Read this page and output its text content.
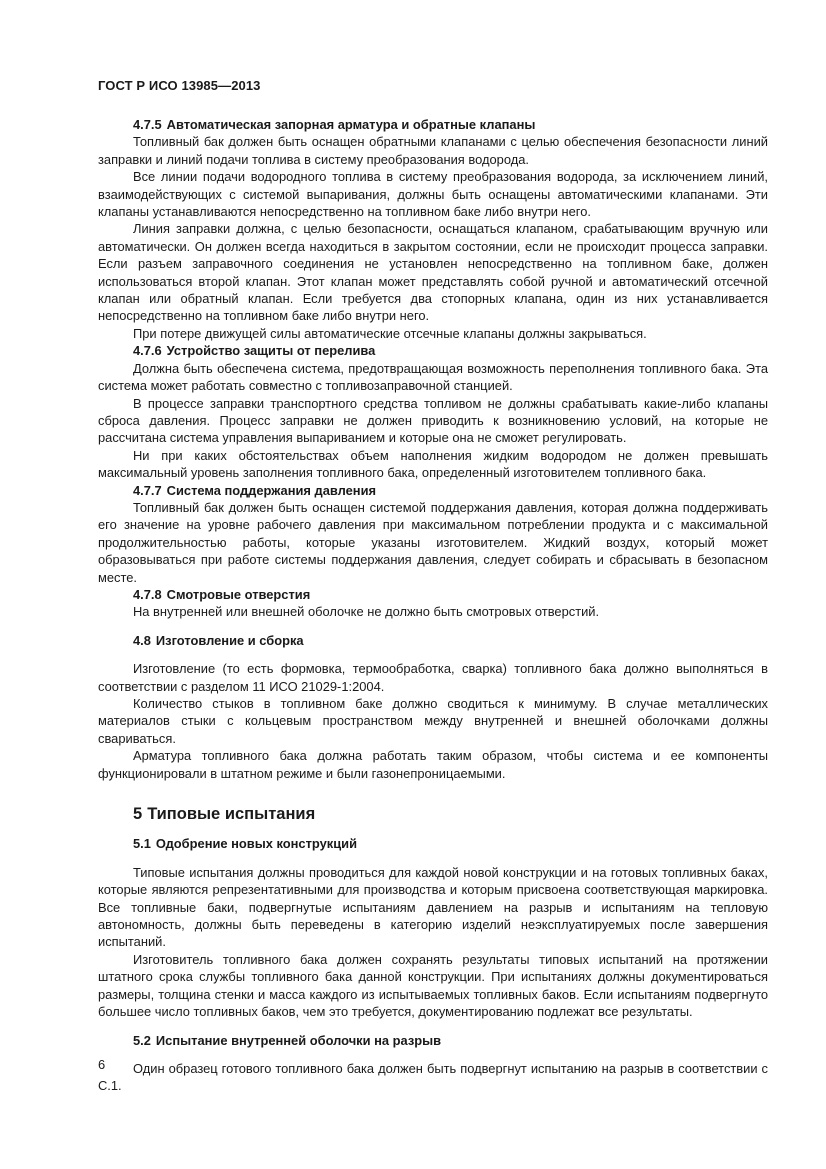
ГОСТ Р ИСО 13985—2013
4.7.5 Автоматическая запорная арматура и обратные клапаны

Топливный бак должен быть оснащен обратными клапанами с целью обеспечения безопасности линий заправки и линий подачи топлива в систему преобразования водорода.

Все линии подачи водородного топлива в систему преобразования водорода, за исключением линий, взаимодействующих с системой выпаривания, должны быть оснащены автоматическими клапанами. Эти клапаны устанавливаются непосредственно на топливном баке либо внутри него.

Линия заправки должна, с целью безопасности, оснащаться клапаном, срабатывающим вручную или автоматически. Он должен всегда находиться в закрытом состоянии, если не происходит процесса заправки. Если разъем заправочного соединения не установлен непосредственно на топливном баке, должен использоваться второй клапан. Этот клапан может представлять собой ручной и автоматический отсечной клапан или обратный клапан. Если требуется два стопорных клапана, один из них устанавливается непосредственно на топливном баке либо внутри него.

При потере движущей силы автоматические отсечные клапаны должны закрываться.

4.7.6 Устройство защиты от перелива

Должна быть обеспечена система, предотвращающая возможность переполнения топливного бака. Эта система может работать совместно с топливозаправочной станцией.

В процессе заправки транспортного средства топливом не должны срабатывать какие-либо клапаны сброса давления. Процесс заправки не должен приводить к возникновению условий, на которые не рассчитана система управления выпариванием и которые она не сможет регулировать.

Ни при каких обстоятельствах объем наполнения жидким водородом не должен превышать максимальный уровень заполнения топливного бака, определенный изготовителем топливного бака.

4.7.7 Система поддержания давления

Топливный бак должен быть оснащен системой поддержания давления, которая должна поддерживать его значение на уровне рабочего давления при максимальном потреблении продукта и с максимальной продолжительностью работы, которые указаны изготовителем. Жидкий воздух, который может образовываться при работе системы поддержания давления, следует собирать и сбрасывать в безопасном месте.

4.7.8 Смотровые отверстия

На внутренней или внешней оболочке не должно быть смотровых отверстий.

4.8 Изготовление и сборка

Изготовление (то есть формовка, термообработка, сварка) топливного бака должно выполняться в соответствии с разделом 11 ИСО 21029-1:2004.

Количество стыков в топливном баке должно сводиться к минимуму. В случае металлических материалов стыки с кольцевым пространством между внутренней и внешней оболочками должны свариваться.

Арматура топливного бака должна работать таким образом, чтобы система и ее компоненты функционировали в штатном режиме и были газонепроницаемыми.

5 Типовые испытания
5.1 Одобрение новых конструкций

Типовые испытания должны проводиться для каждой новой конструкции и на готовых топливных баках, которые являются репрезентативными для производства и которым присвоена соответствующая маркировка. Все топливные баки, подвергнутые испытаниям давлением на разрыв и испытаниям на тепловую автономность, должны быть переведены в категорию изделий неэксплуатируемых после завершения испытаний.

Изготовитель топливного бака должен сохранять результаты типовых испытаний на протяжении штатного срока службы топливного бака данной конструкции. При испытаниях должны документироваться размеры, толщина стенки и масса каждого из испытываемых топливных баков. Если испытаниям подвергнуто большее число топливных баков, чем это требуется, документированию подлежат все результаты.

5.2 Испытание внутренней оболочки на разрыв

Один образец готового топливного бака должен быть подвергнут испытанию на разрыв в соответствии с С.1.

6
